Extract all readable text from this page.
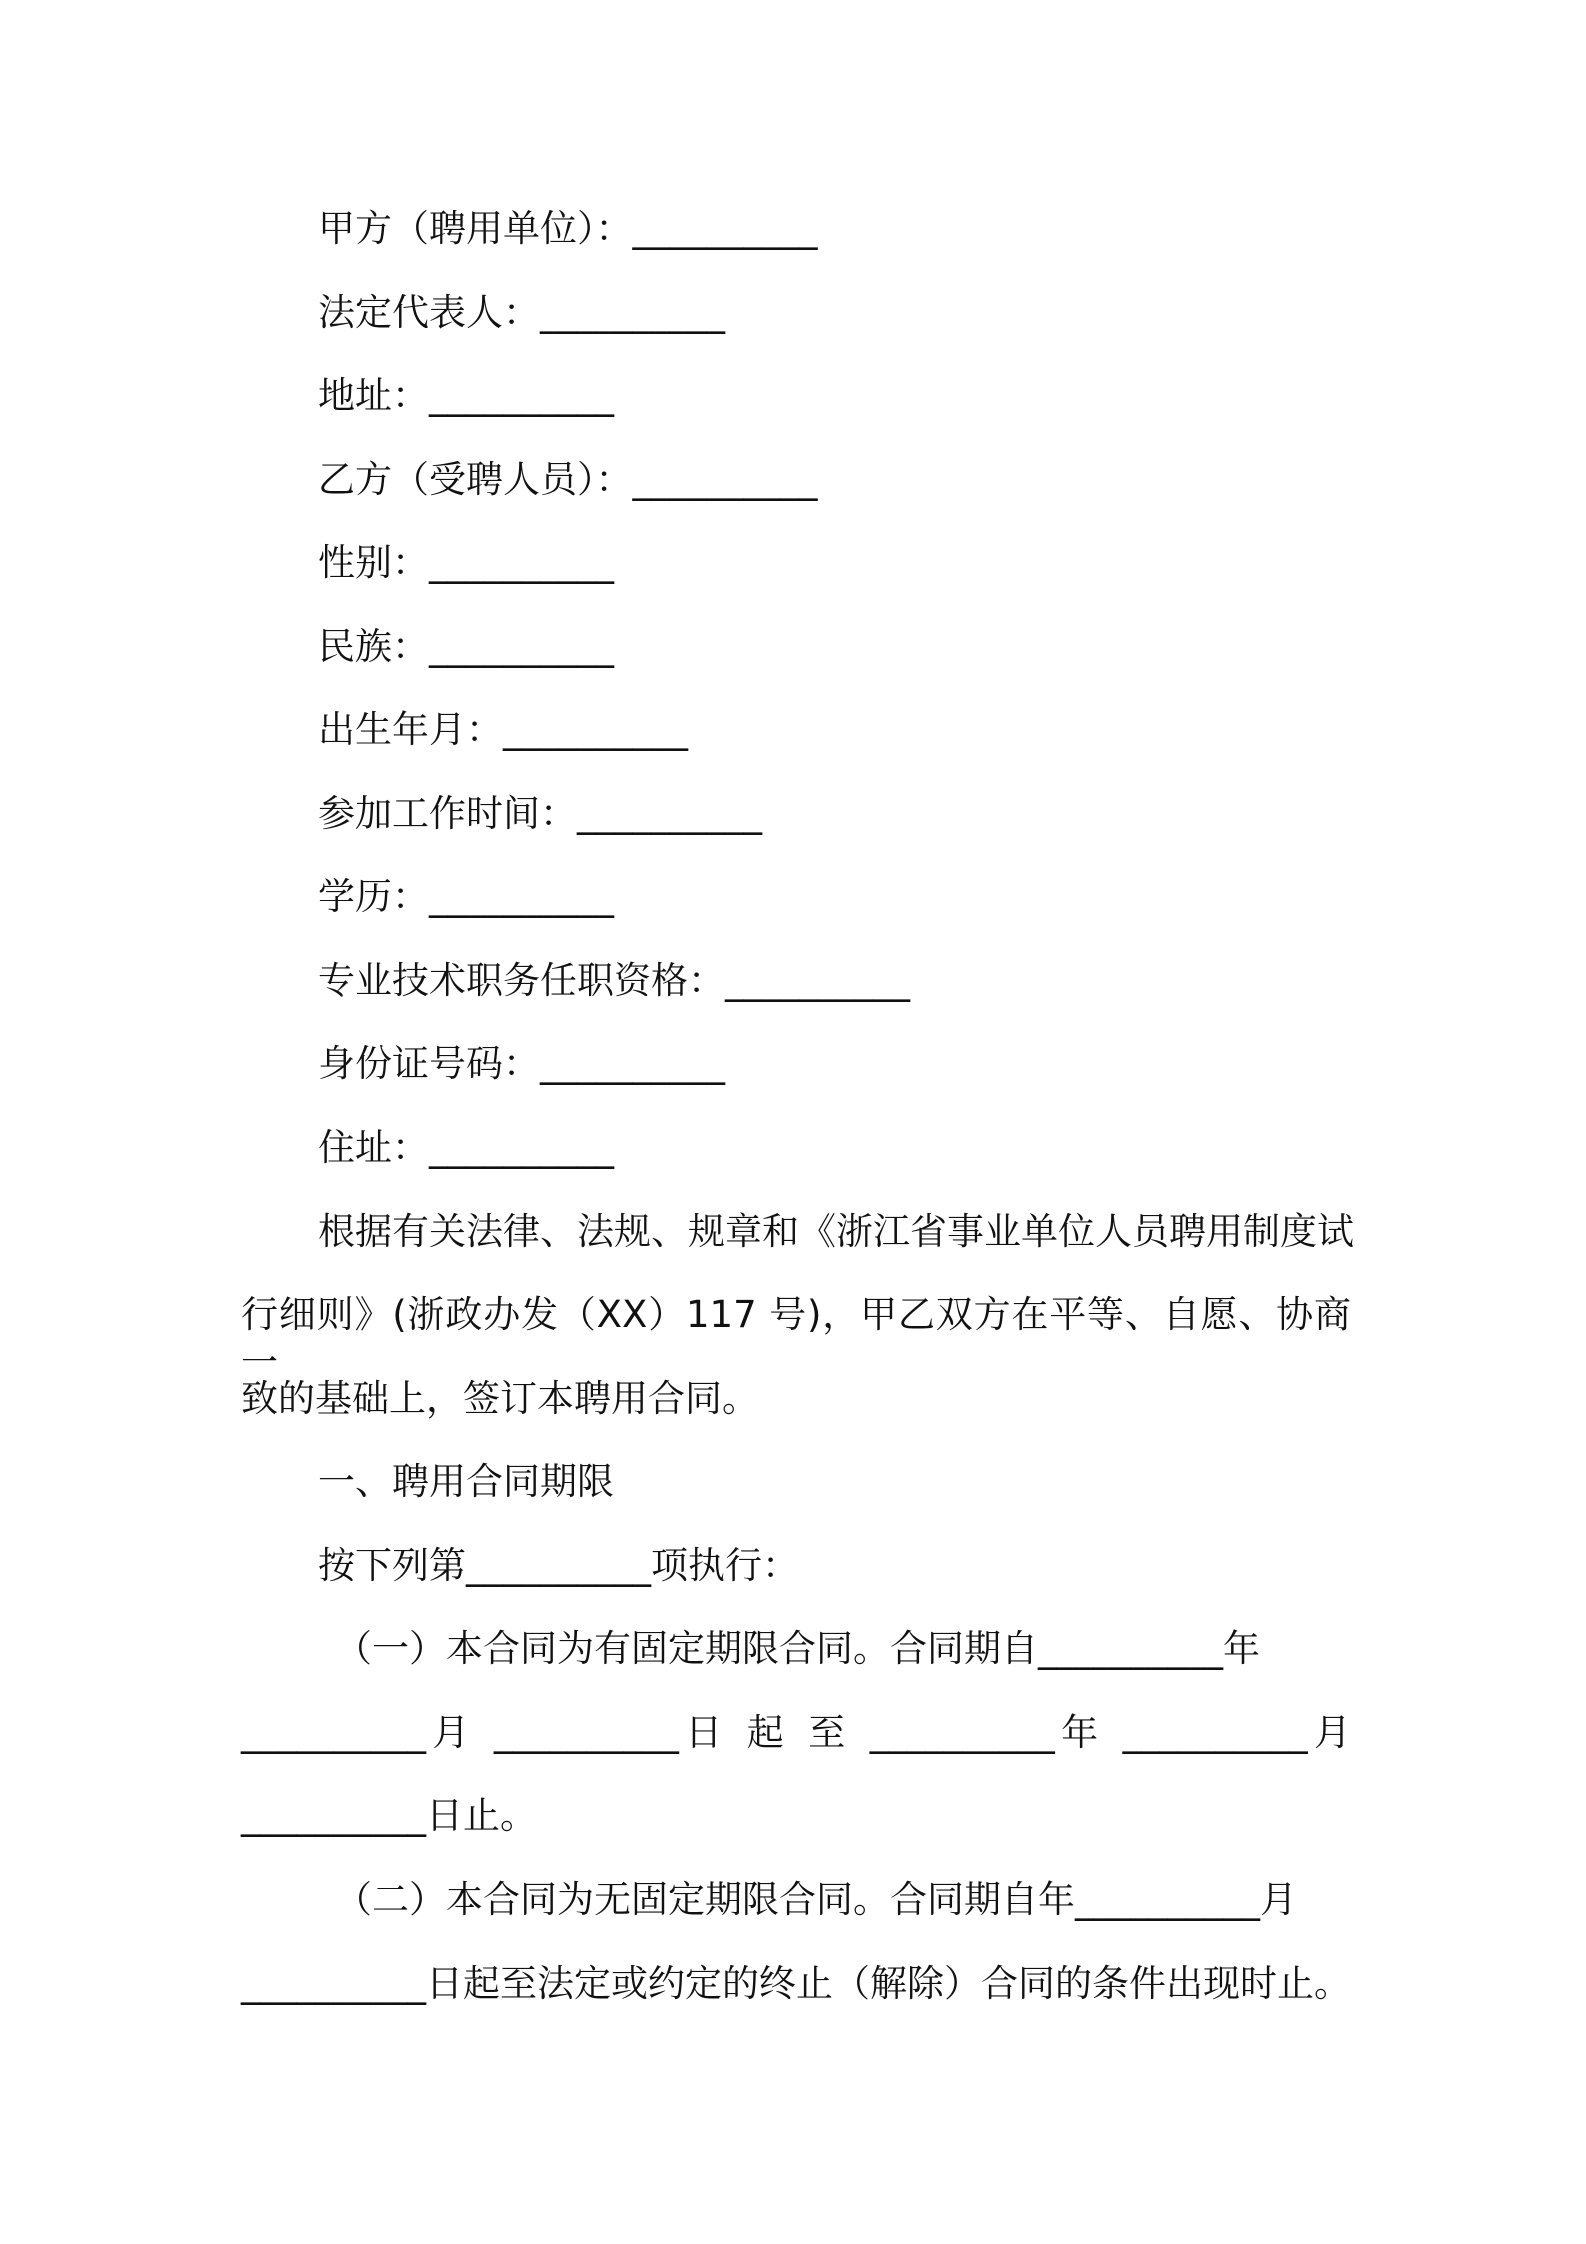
甲方（聘用单位）：__________
法定代表人：__________
地址：__________
乙方（受聘人员）：__________
性别：__________
民族：__________
出生年月：__________
参加工作时间：__________
学历：__________
专业技术职务任职资格：__________
身份证号码：__________
住址：__________
根据有关法律、法规、规章和《浙江省事业单位人员聘用制度试
行细则》(浙政办发（XX）117 号)，甲乙双方在平等、自愿、协商一
致的基础上，签订本聘用合同。
一、聘用合同期限
按下列第__________项执行：
（一）本合同为有固定期限合同。合同期自__________年
__________月 __________日 起 至 __________年 __________月
__________日止。
（二）本合同为无固定期限合同。合同期自年__________月
__________日起至法定或约定的终止（解除）合同的条件出现时止。
